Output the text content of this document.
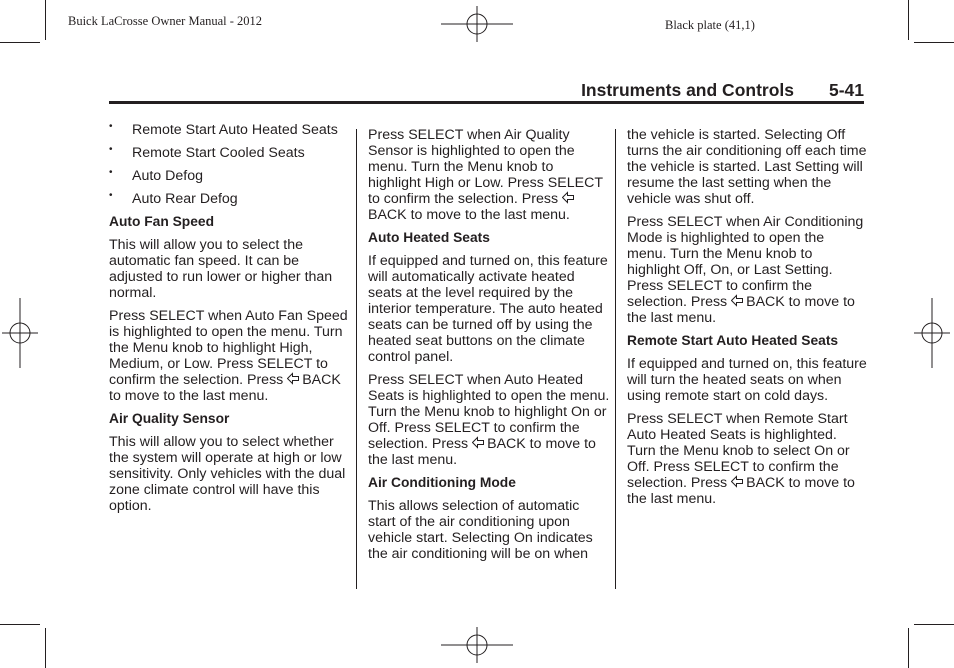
Buick LaCrosse Owner Manual - 2012	Black plate (41,1)
Instruments and Controls 5-41
• Remote Start Auto Heated Seats
• Remote Start Cooled Seats
• Auto Defog
• Auto Rear Defog
Auto Fan Speed

This will allow you to select the automatic fan speed. It can be adjusted to run lower or higher than normal.

Press SELECT when Auto Fan Speed is highlighted to open the menu. Turn the Menu knob to highlight High, Medium, or Low. Press SELECT to confirm the selection. Press BACK to move to the last menu.

Air Quality Sensor

This will allow you to select whether the system will operate at high or low sensitivity. Only vehicles with the dual zone climate control will have this option.

Press SELECT when Air Quality Sensor is highlighted to open the menu. Turn the Menu knob to highlight High or Low. Press SELECT to confirm the selection. Press BACK to move to the last menu.

Auto Heated Seats

If equipped and turned on, this feature will automatically activate heated seats at the level required by the interior temperature. The auto heated seats can be turned off by using the heated seat buttons on the climate control panel.

Press SELECT when Auto Heated Seats is highlighted to open the menu. Turn the Menu knob to highlight On or Off. Press SELECT to confirm the selection. Press BACK to move to the last menu.

Air Conditioning Mode

This allows selection of automatic start of the air conditioning upon vehicle start. Selecting On indicates the air conditioning will be on when

the vehicle is started. Selecting Off turns the air conditioning off each time the vehicle is started. Last Setting will resume the last setting when the vehicle was shut off.

Press SELECT when Air Conditioning Mode is highlighted to open the menu. Turn the Menu knob to highlight Off, On, or Last Setting. Press SELECT to confirm the selection. Press BACK to move to the last menu.

Remote Start Auto Heated Seats

If equipped and turned on, this feature will turn the heated seats on when using remote start on cold days.

Press SELECT when Remote Start Auto Heated Seats is highlighted. Turn the Menu knob to select On or Off. Press SELECT to confirm the selection. Press BACK to move to the last menu.
